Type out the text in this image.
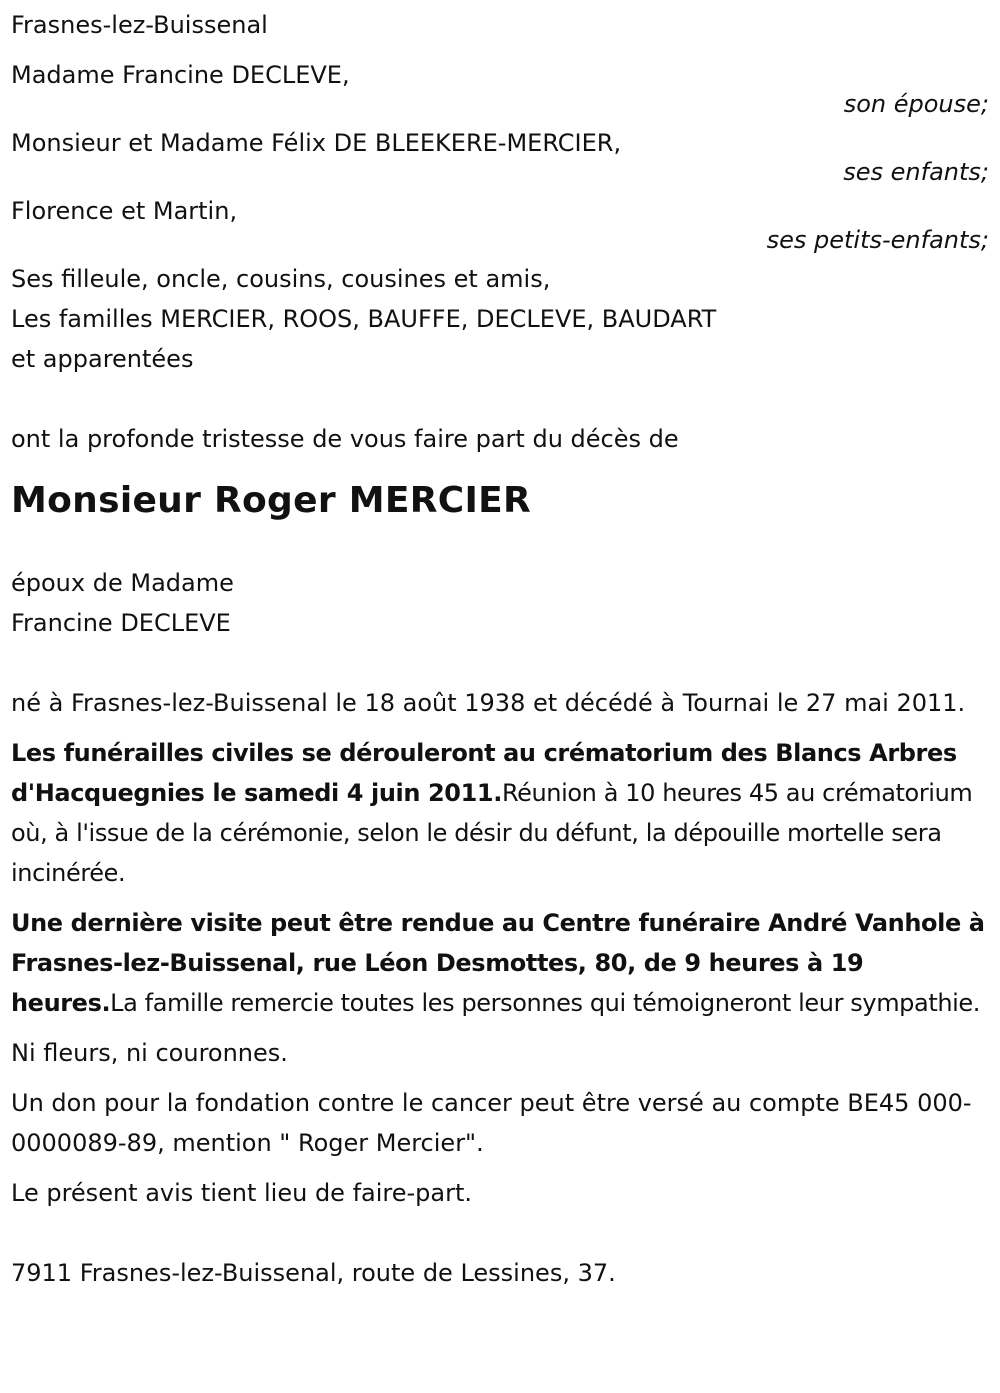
Frasnes-lez-Buissenal
Madame Francine DECLEVE,
son épouse;
Monsieur et Madame Félix DE BLEEKERE-MERCIER,
ses enfants;
Florence et Martin,
ses petits-enfants;
Ses filleule, oncle, cousins, cousines et amis,
Les familles MERCIER, ROOS, BAUFFE, DECLEVE, BAUDART
et apparentées
ont la profonde tristesse de vous faire part du décès de
Monsieur Roger MERCIER
époux de Madame
Francine DECLEVE
né à Frasnes-lez-Buissenal le 18 août 1938 et décédé à Tournai le 27 mai 2011.
Les funérailles civiles se dérouleront au crématorium des Blancs Arbres d'Hacquegnies le samedi 4 juin 2011.Réunion à 10 heures 45 au crématorium où, à l'issue de la cérémonie, selon le désir du défunt, la dépouille mortelle sera incinérée.
Une dernière visite peut être rendue au Centre funéraire André Vanhole à Frasnes-lez-Buissenal, rue Léon Desmottes, 80, de 9 heures à 19 heures.La famille remercie toutes les personnes qui témoigneront leur sympathie.
Ni fleurs, ni couronnes.
Un don pour la fondation contre le cancer peut être versé au compte BE45 000-0000089-89, mention " Roger Mercier".
Le présent avis tient lieu de faire-part.
7911 Frasnes-lez-Buissenal, route de Lessines, 37.
